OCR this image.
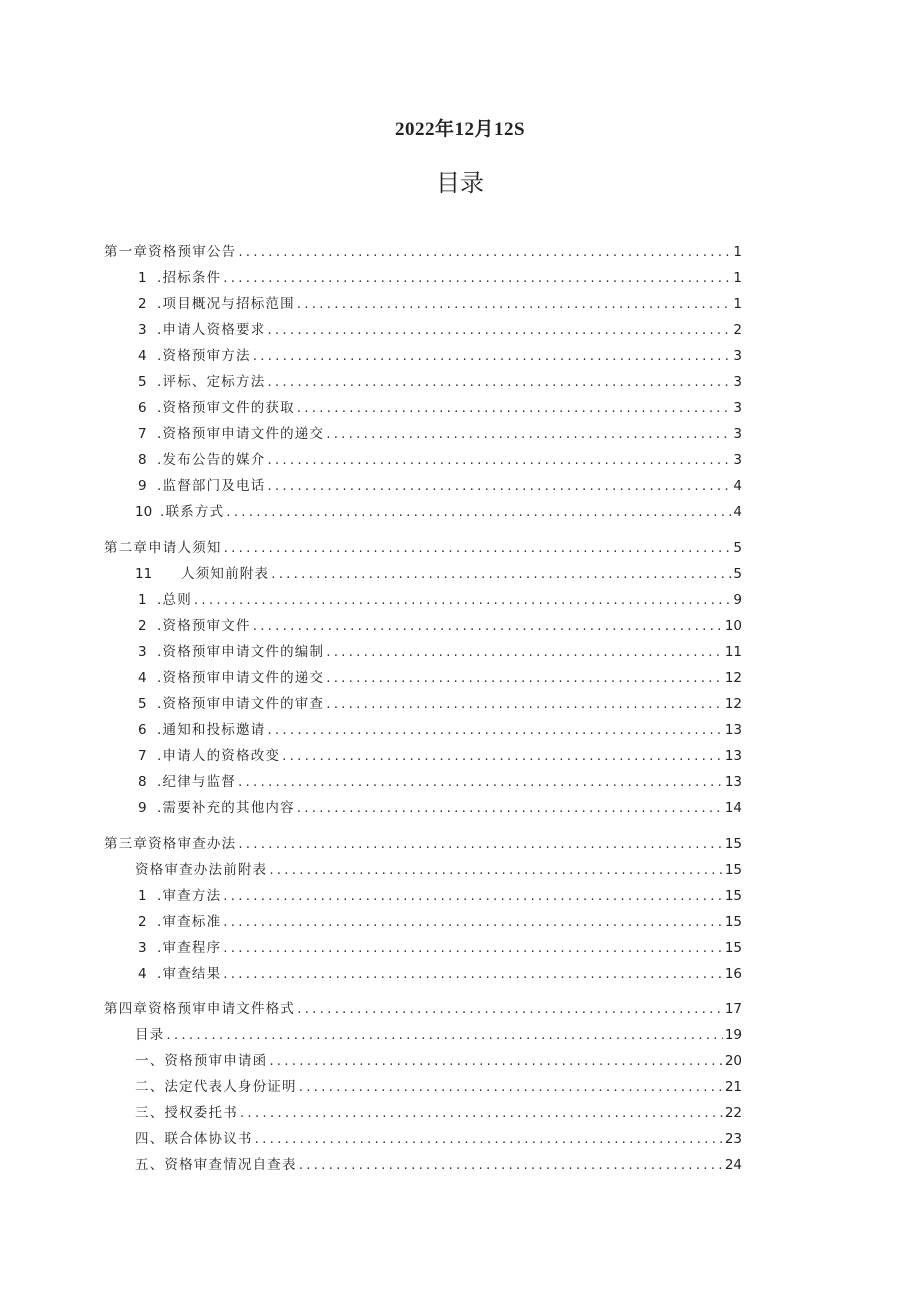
2022年12月12S
目录
第一章资格预审公告 .....	1
1 .招标条件 .....	1
2 .项目概况与招标范围 .....	1
3 .申请人资格要求 .....	2
4 .资格预审方法 .....	3
5 .评标、定标方法 .....	3
6 .资格预审文件的获取 .....	3
7 .资格预审申请文件的递交 .....	3
8 .发布公告的媒介 .....	3
9 .监督部门及电话 .....	4
10 .联系方式 .....	4
第二章申请人须知 .....	5
11	人须知前附表 .....	5
1 .总则 .....	9
2 .资格预审文件 .....	10
3 .资格预审申请文件的编制 .....	11
4 .资格预审申请文件的递交 .....	12
5 .资格预审申请文件的审查 .....	12
6 .通知和投标邀请 .....	13
7 .申请人的资格改变 .....	13
8 .纪律与监督 .....	13
9 .需要补充的其他内容 .....	14
第三章资格审查办法 .....	15
资格审查办法前附表 .....	15
1 .审查方法 .....	15
2 .审查标准 .....	15
3 .审查程序 .....	15
4 .审查结果 .....	16
第四章资格预审申请文件格式 .....	17
目录 .....	19
一、资格预审申请函 .....	20
二、法定代表人身份证明 .....	21
三、授权委托书 .....	22
四、联合体协议书 .....	23
五、资格审查情况自查表 .....	24
